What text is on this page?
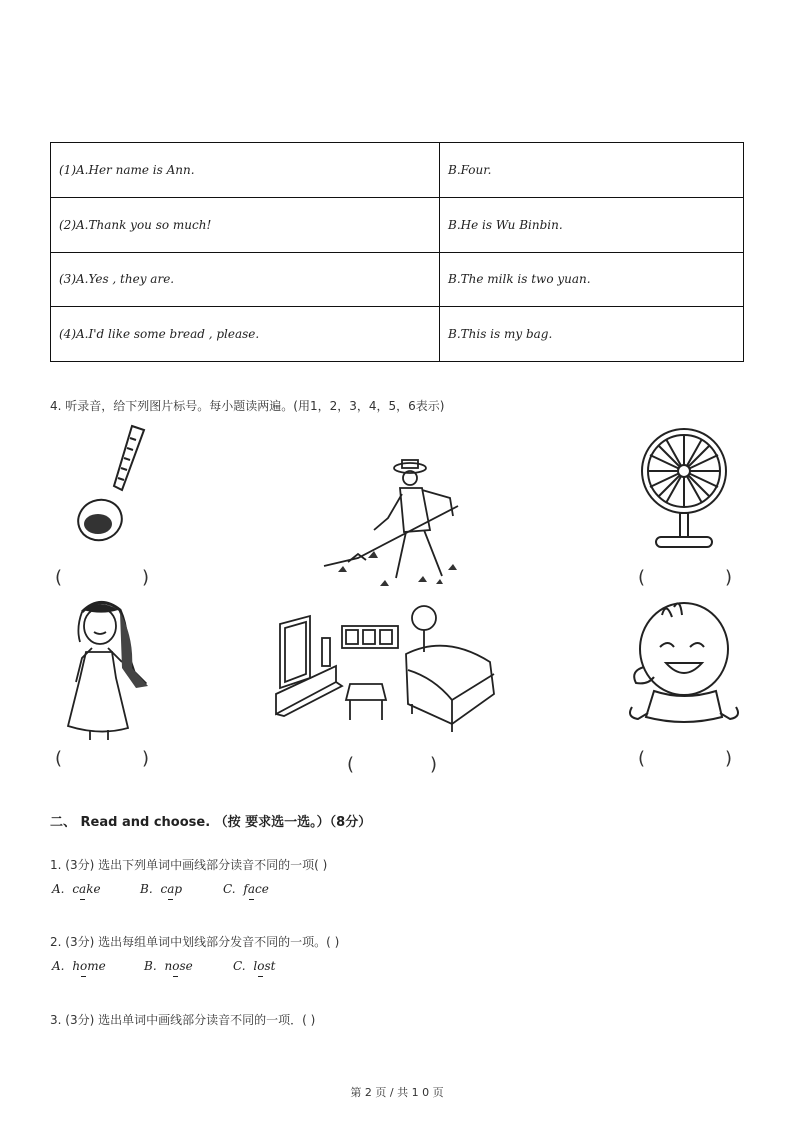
(1)A.Her name is Ann.	B.Four.
(2)A.Thank you so much!	B.He is Wu Binbin.
(3)A.Yes , they are.	B.The milk is two yuan.
(4)A.I'd like some bread , please.	B.This is my bag.
4. 听录音，给下列图片标号。每小题读两遍。(用1，2，3，4，5，6表示)
(	)	(	)
(	)	(	)	(	)
二、 Read and choose. （按 要求选一选。）（8分）
1. (3分) 选出下列单词中画线部分读音不同的一项( )
A. cake	B. cap	C. face
2. (3分) 选出每组单词中划线部分发音不同的一项。( )
A. home	B. nose	C. lost
3. (3分) 选出单词中画线部分读音不同的一项．( )
第 2 页 / 共 1 0 页
